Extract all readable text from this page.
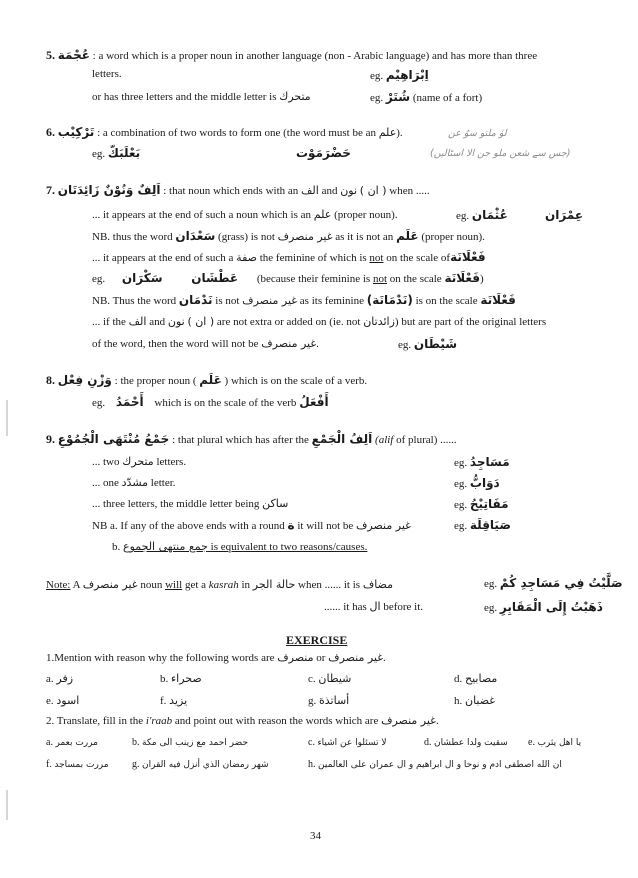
5. عُجْمَة : a word which is a proper noun in another language (non - Arabic language) and has more than three
letters.	eg. اِبْرَاهِيْم
or has three letters and the middle letter is متحرك	eg. شُتَرْ (name of a fort)
6. تَرْكِيْب : a combination of two words to form one (the word must be an علم).	لوٰ ملتو سوُ عن
(جس سے شعن ملو جن الا اسٹالیں)
eg. بَعْلَبَكّ	حَضْرَمَوْت
7. اَلِفٌ وَنُوْنٌ زَائِدَتَان : that noun which ends with an الف and نون ( ان ) when .....
... it appears at the end of such a noun which is an علم (proper noun).	eg. عُثْمَان	عِمْرَان
NB. thus the word سَعْدَان (grass) is not غير منصرف as it is not an عَلَم (proper noun).
... it appears at the end of such a صفة the feminine of which is not on the scale ofفَعْلَانَة
eg. سَكْرَان عَطْشَان (because their feminine is not on the scale فَعْلَانَة)
NB. Thus the word نَدْمَان is not غير منصرف as its feminine (نَدْمَانَة) is on the scale فَعْلَانَة
... if the الف and نون ( ان ) are not extra or added on (ie. not زائدتان) but are part of the original letters
of the word, then the word will not be غير منصرف.	eg. شَيْطَان
8. وَزْنِ فِعْل : the proper noun ( عَلَم ) which is on the scale of a verb.
eg. أَحْمَدُ which is on the scale of the verb أَفْعَلُ
9. جَمْعُ مُنْتَهَى الْجُمُوْعِ : that plural which has after the اَلِفُ الْجَمْعِ (alif of plural) ......
... two متحرك letters.	eg. مَسَاجِدُ
... one مشدّد letter.	eg. دَوَابُّ
... three letters, the middle letter being ساكن	eg. مَفَاتِيْحُ
NB a. If any of the above ends with a round ة it will not be غير منصرف	eg. صَيَاقِلَة
b. جمع منتهى الجموع is equivalent to two reasons/causes.
Note: A غير منصرف noun will get a kasrah in حالة الجر when ...... it is مضاف	eg. صَلَّيْتُ فِي مَسَاجِدِ كُمْ
...... it has ال before it.	eg. ذَهَبْتُ إِلَى الْمَقَابِرِ
EXERCISE
1.Mention with reason why the following words are منصرف or غير منصرف.
a. زفر	b. صحراء	c. شيطان	d. مصابيح
e. اسود	f. يزيد	g. أساتذة	h. غضبان
2. Translate, fill in the i'raab and point out with reason the words which are غير منصرف.
a. مررت بعمر	b. حضر احمد مع زينب الى مكة	c. لا تسئلوا عن اشياء	d. سقيت ولدا عطشان e. يا اهل يثرب
f. مررت بمساجد g. شهر رمضان الذي أنزل فيه القران	h. ان الله اصطفى ادم و نوحا و ال ابراهيم و ال عمران على العالمين
34
